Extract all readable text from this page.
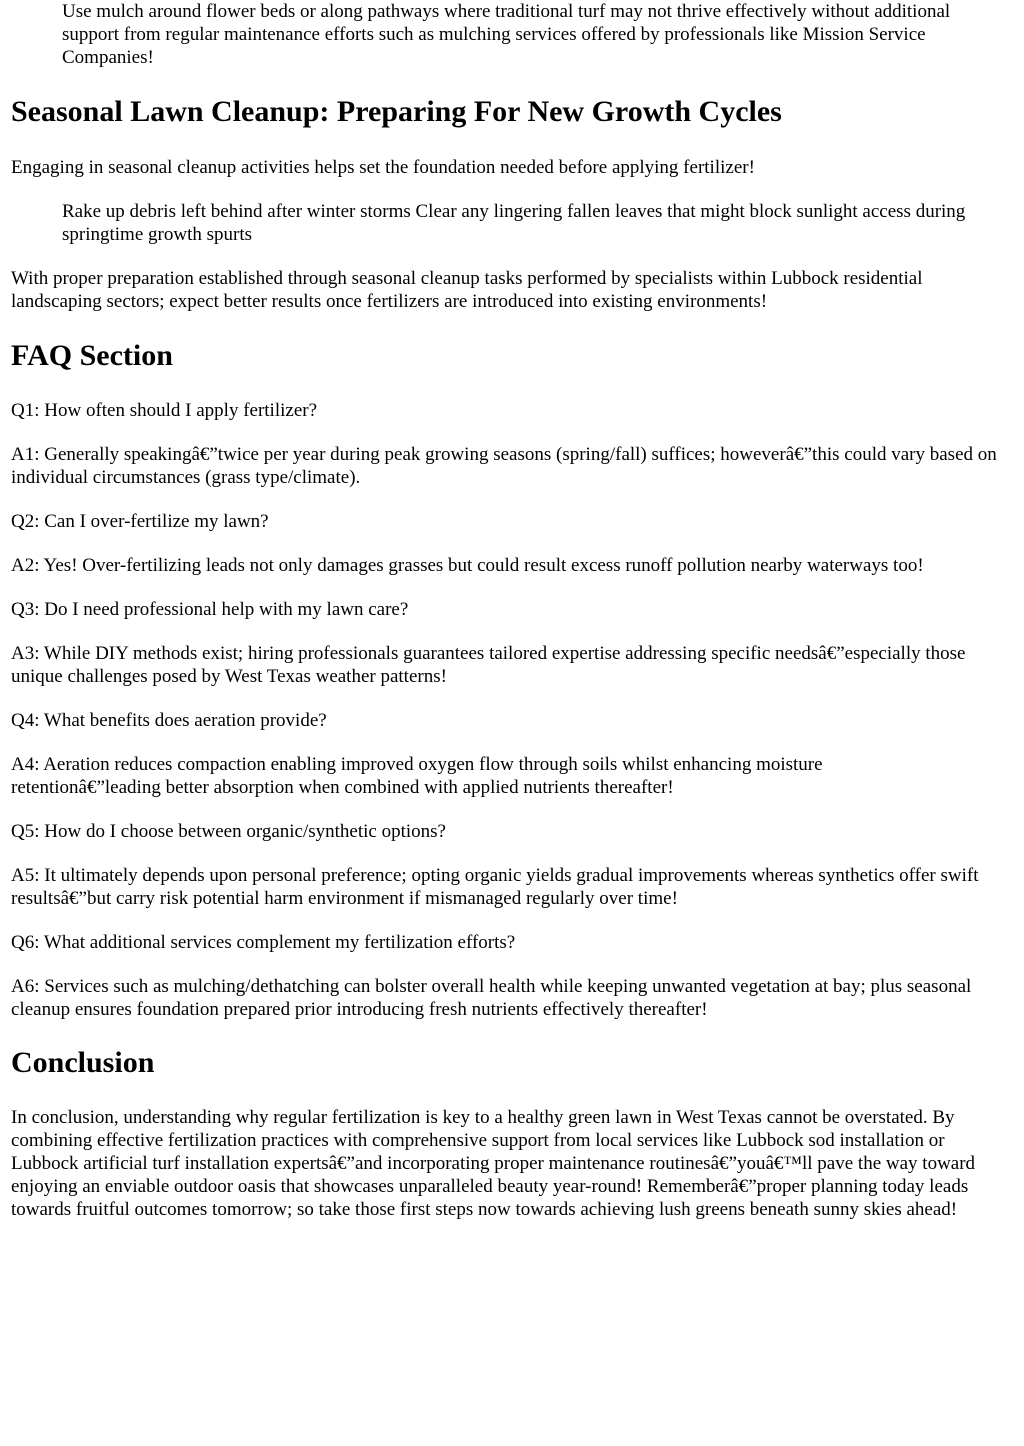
Use mulch around flower beds or along pathways where traditional turf may not thrive effectively without additional support from regular maintenance efforts such as mulching services offered by professionals like Mission Service Companies!

Seasonal Lawn Cleanup: Preparing For New Growth Cycles

Engaging in seasonal cleanup activities helps set the foundation needed before applying fertilizer!

Rake up debris left behind after winter storms Clear any lingering fallen leaves that might block sunlight access during springtime growth spurts

With proper preparation established through seasonal cleanup tasks performed by specialists within Lubbock residential landscaping sectors; expect better results once fertilizers are introduced into existing environments!

FAQ Section

Q1: How often should I apply fertilizer?

A1: Generally speakingâ€”twice per year during peak growing seasons (spring/fall) suffices; howeverâ€”this could vary based on individual circumstances (grass type/climate).

Q2: Can I over-fertilize my lawn?

A2: Yes! Over-fertilizing leads not only damages grasses but could result excess runoff pollution nearby waterways too!

Q3: Do I need professional help with my lawn care?

A3: While DIY methods exist; hiring professionals guarantees tailored expertise addressing specific needsâ€”especially those unique challenges posed by West Texas weather patterns!

Q4: What benefits does aeration provide?

A4: Aeration reduces compaction enabling improved oxygen flow through soils whilst enhancing moisture retentionâ€”leading better absorption when combined with applied nutrients thereafter!

Q5: How do I choose between organic/synthetic options?

A5: It ultimately depends upon personal preference; opting organic yields gradual improvements whereas synthetics offer swift resultsâ€”but carry risk potential harm environment if mismanaged regularly over time!

Q6: What additional services complement my fertilization efforts?

A6: Services such as mulching/dethatching can bolster overall health while keeping unwanted vegetation at bay; plus seasonal cleanup ensures foundation prepared prior introducing fresh nutrients effectively thereafter!

Conclusion

In conclusion, understanding why regular fertilization is key to a healthy green lawn in West Texas cannot be overstated. By combining effective fertilization practices with comprehensive support from local services like Lubbock sod installation or Lubbock artificial turf installation expertsâ€”and incorporating proper maintenance routinesâ€”youâ€™ll pave the way toward enjoying an enviable outdoor oasis that showcases unparalleled beauty year-round! Rememberâ€”proper planning today leads towards fruitful outcomes tomorrow; so take those first steps now towards achieving lush greens beneath sunny skies ahead!
